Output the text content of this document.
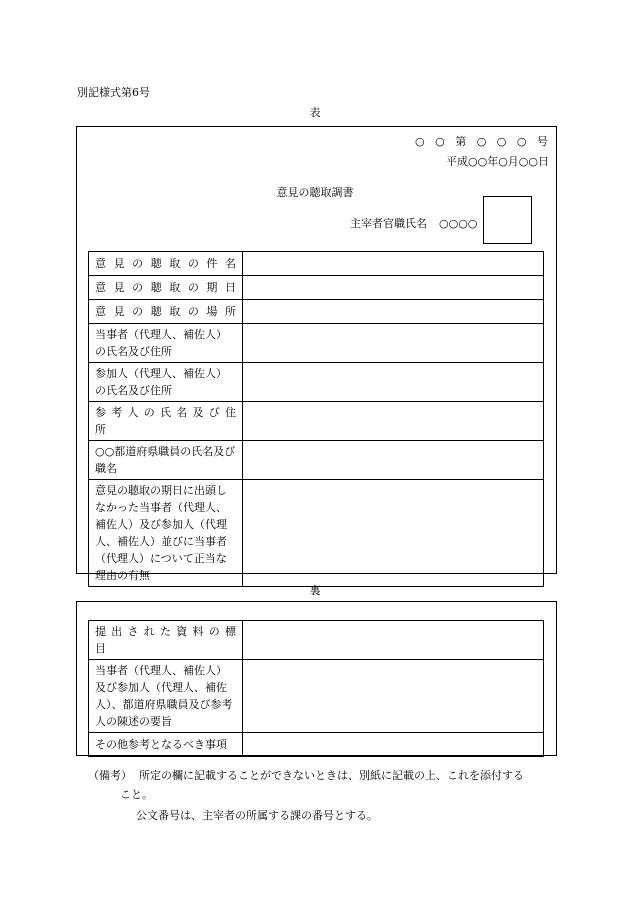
別記様式第6号
表
○ ○ 第 ○ ○ ○ 号
平成○○年○月○○日
意見の聴取調書
主宰者官職氏名 ○○○○
意 見 の 聴 取 の 件 名	
意 見 の 聴 取 の 期 日	
意 見 の 聴 取 の 場 所	
当事者（代理人、補佐人）の氏名及び住所	
参加人（代理人、補佐人）の氏名及び住所	
参 考 人 の 氏 名 及 び 住 所	
○○都道府県職員の氏名及び職名	
意見の聴取の期日に出頭しなかった当事者（代理人、補佐人）及び参加人（代理人、補佐人）並びに当事者（代理人）について正当な理由の有無	
裏
提 出 さ れ た 資 料 の 標 目	
当事者（代理人、補佐人）及び参加人（代理人、補佐人）、都道府県職員及び参考人の陳述の要旨	
その他参考となるべき事項	
（備考） 所定の欄に記載することができないときは、別紙に記載の上、これを添付する
こと。
公文番号は、主宰者の所属する課の番号とする。
